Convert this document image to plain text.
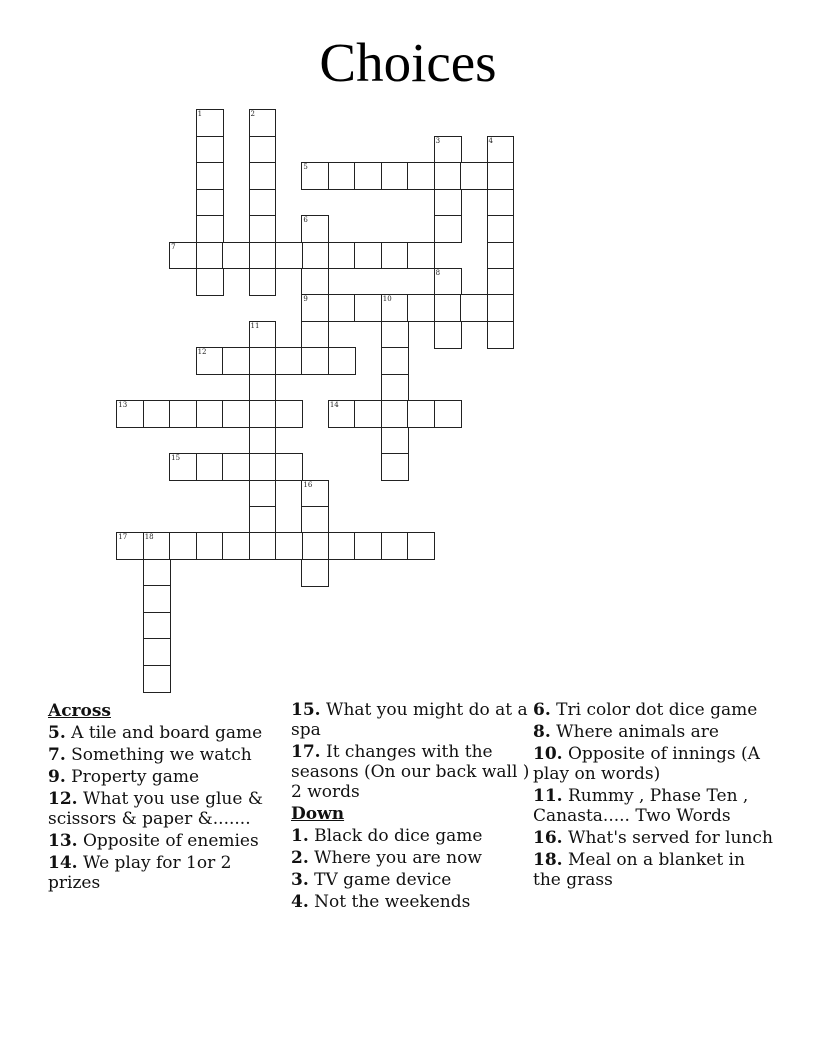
Choices
1	2
3	4
5
6
9
7
8
10
11
12
13	14
15
16
17	18
Across
5. A tile and board game
7. Something we watch
9. Property game
12. What you use glue & scissors & paper &.......
13. Opposite of enemies
14. We play for 1or 2 prizes
15. What you might do at a spa
17. It changes with the seasons (On our back wall ) 2 words
Down
1. Black do dice game
2. Where you are now
3. TV game device
4. Not the weekends
6. Tri color dot dice game
8. Where animals are
10. Opposite of innings (A play on words)
11. Rummy , Phase Ten , Canasta..... Two Words
16. What's served for lunch
18. Meal on a blanket in the grass
